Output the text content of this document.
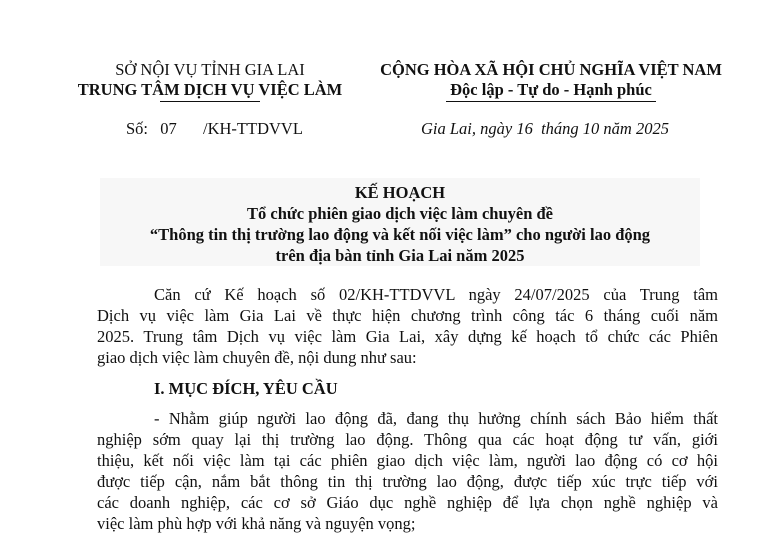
SỞ NỘI VỤ TỈNH GIA LAI
TRUNG TÂM DỊCH VỤ VIỆC LÀM
Số: 07 /KH-TTDVVL
CỘNG HÒA XÃ HỘI CHỦ NGHĨA VIỆT NAM
Độc lập - Tự do - Hạnh phúc
Gia Lai, ngày 16  tháng 10 năm 2025
KẾ HOẠCH
Tổ chức phiên giao dịch việc làm chuyên đề
“Thông tin thị trường lao động và kết nối việc làm” cho người lao động
trên địa bàn tỉnh Gia Lai năm 2025
Căn cứ Kế hoạch số 02/KH-TTDVVL ngày 24/07/2025 của Trung tâm
Dịch vụ việc làm Gia Lai về thực hiện chương trình công tác 6 tháng cuối năm
2025. Trung tâm Dịch vụ việc làm Gia Lai, xây dựng kế hoạch tổ chức các Phiên
giao dịch việc làm chuyên đề, nội dung như sau:
I. MỤC ĐÍCH, YÊU CẦU
- Nhằm giúp người lao động đã, đang thụ hưởng chính sách Bảo hiểm thất
nghiệp sớm quay lại thị trường lao động. Thông qua các hoạt động tư vấn, giới
thiệu, kết nối việc làm tại các phiên giao dịch việc làm, người lao động có cơ hội
được tiếp cận, nắm bắt thông tin thị trường lao động, được tiếp xúc trực tiếp với
các doanh nghiệp, các cơ sở Giáo dục nghề nghiệp để lựa chọn nghề nghiệp và
việc làm phù hợp với khả năng và nguyện vọng;
